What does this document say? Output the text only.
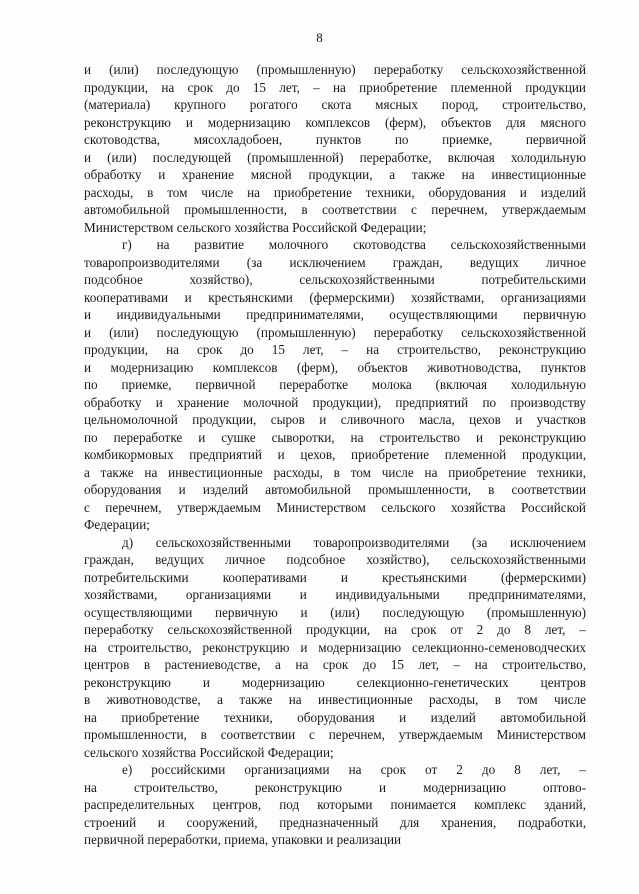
8

и (или) последующую (промышленную) переработку сельскохозяйственной
продукции, на срок до 15 лет, – на приобретение племенной продукции
(материала) крупного рогатого скота мясных пород, строительство,
реконструкцию и модернизацию комплексов (ферм), объектов для мясного
скотоводства, мясохладобоен, пунктов по приемке, первичной
и (или) последующей (промышленной) переработке, включая холодильную
обработку и хранение мясной продукции, а также на инвестиционные
расходы, в том числе на приобретение техники, оборудования и изделий
автомобильной промышленности, в соответствии с перечнем, утверждаемым
Министерством сельского хозяйства Российской Федерации;

г) на развитие молочного скотоводства сельскохозяйственными
товаропроизводителями (за исключением граждан, ведущих личное
подсобное хозяйство), сельскохозяйственными потребительскими
кооперативами и крестьянскими (фермерскими) хозяйствами, организациями
и индивидуальными предпринимателями, осуществляющими первичную
и (или) последующую (промышленную) переработку сельскохозяйственной
продукции, на срок до 15 лет, – на строительство, реконструкцию
и модернизацию комплексов (ферм), объектов животноводства, пунктов
по приемке, первичной переработке молока (включая холодильную
обработку и хранение молочной продукции), предприятий по производству
цельномолочной продукции, сыров и сливочного масла, цехов и участков
по переработке и сушке сыворотки, на строительство и реконструкцию
комбикормовых предприятий и цехов, приобретение племенной продукции,
а также на инвестиционные расходы, в том числе на приобретение техники,
оборудования и изделий автомобильной промышленности, в соответствии
с перечнем, утверждаемым Министерством сельского хозяйства Российской
Федерации;

д) сельскохозяйственными товаропроизводителями (за исключением
граждан, ведущих личное подсобное хозяйство), сельскохозяйственными
потребительскими кооперативами и крестьянскими (фермерскими)
хозяйствами, организациями и индивидуальными предпринимателями,
осуществляющими первичную и (или) последующую (промышленную)
переработку сельскохозяйственной продукции, на срок от 2 до 8 лет, –
на строительство, реконструкцию и модернизацию селекционно-семеноводческих
центров в растениеводстве, а на срок до 15 лет, – на строительство,
реконструкцию и модернизацию селекционно-генетических центров
в животноводстве, а также на инвестиционные расходы, в том числе
на приобретение техники, оборудования и изделий автомобильной
промышленности, в соответствии с перечнем, утверждаемым Министерством
сельского хозяйства Российской Федерации;

е) российскими организациями на срок от 2 до 8 лет, –
на строительство, реконструкцию и модернизацию оптово-
распределительных центров, под которыми понимается комплекс зданий,
строений и сооружений, предназначенный для хранения, подработки,
первичной переработки, приема, упаковки и реализации
